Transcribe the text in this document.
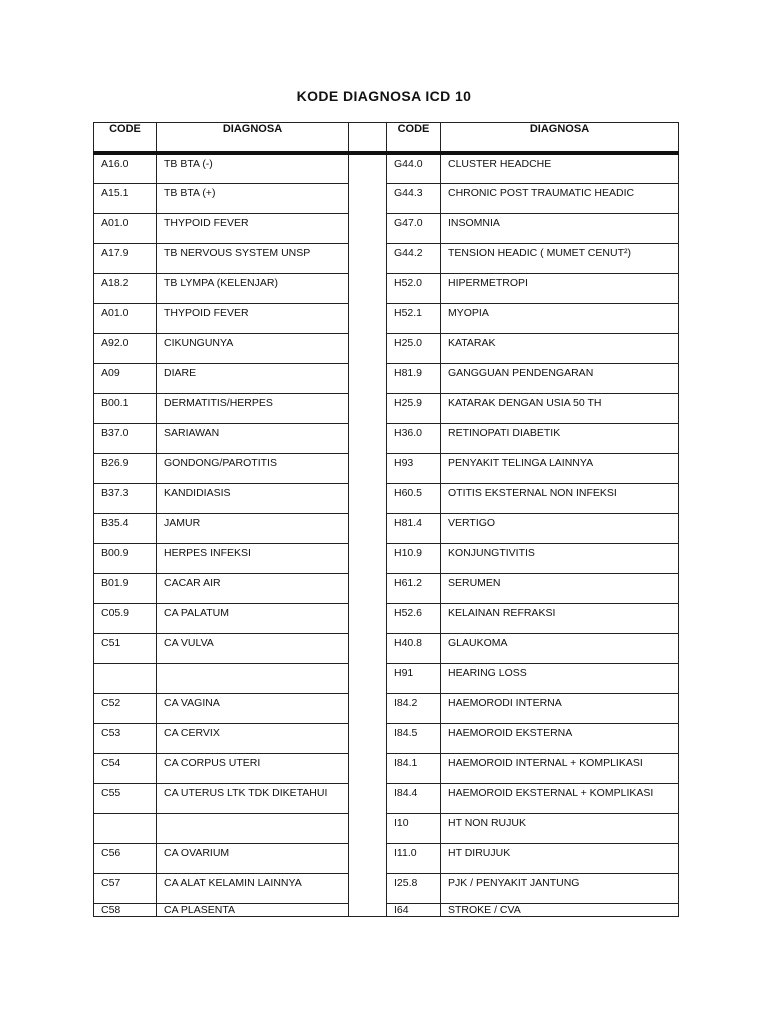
KODE DIAGNOSA ICD 10
CODE	DIAGNOSA		CODE	DIAGNOSA
A16.0	TB BTA (-)		G44.0	CLUSTER HEADCHE
A15.1	TB BTA (+)		G44.3	CHRONIC POST TRAUMATIC HEADIC
A01.0	THYPOID FEVER		G47.0	INSOMNIA
A17.9	TB NERVOUS SYSTEM UNSP		G44.2	TENSION HEADIC ( MUMET CENUT²)
A18.2	TB LYMPA (KELENJAR)		H52.0	HIPERMETROPI
A01.0	THYPOID FEVER		H52.1	MYOPIA
A92.0	CIKUNGUNYA		H25.0	KATARAK
A09	DIARE		H81.9	GANGGUAN PENDENGARAN
B00.1	DERMATITIS/HERPES		H25.9	KATARAK DENGAN USIA 50 TH
B37.0	SARIAWAN		H36.0	RETINOPATI DIABETIK
B26.9	GONDONG/PAROTITIS		H93	PENYAKIT TELINGA LAINNYA
B37.3	KANDIDIASIS		H60.5	OTITIS EKSTERNAL NON INFEKSI
B35.4	JAMUR		H81.4	VERTIGO
B00.9	HERPES INFEKSI		H10.9	KONJUNGTIVITIS
B01.9	CACAR AIR		H61.2	SERUMEN
C05.9	CA PALATUM		H52.6	KELAINAN REFRAKSI
C51	CA VULVA		H40.8	GLAUKOMA
			H91	HEARING LOSS
C52	CA VAGINA		I84.2	HAEMORODI INTERNA
C53	CA CERVIX		I84.5	HAEMOROID EKSTERNA
C54	CA CORPUS UTERI		I84.1	HAEMOROID INTERNAL + KOMPLIKASI
C55	CA UTERUS LTK TDK DIKETAHUI		I84.4	HAEMOROID EKSTERNAL + KOMPLIKASI
			I10	HT NON RUJUK
C56	CA OVARIUM		I11.0	HT DIRUJUK
C57	CA ALAT KELAMIN LAINNYA		I25.8	PJK / PENYAKIT JANTUNG
C58	CA PLASENTA		I64	STROKE / CVA
